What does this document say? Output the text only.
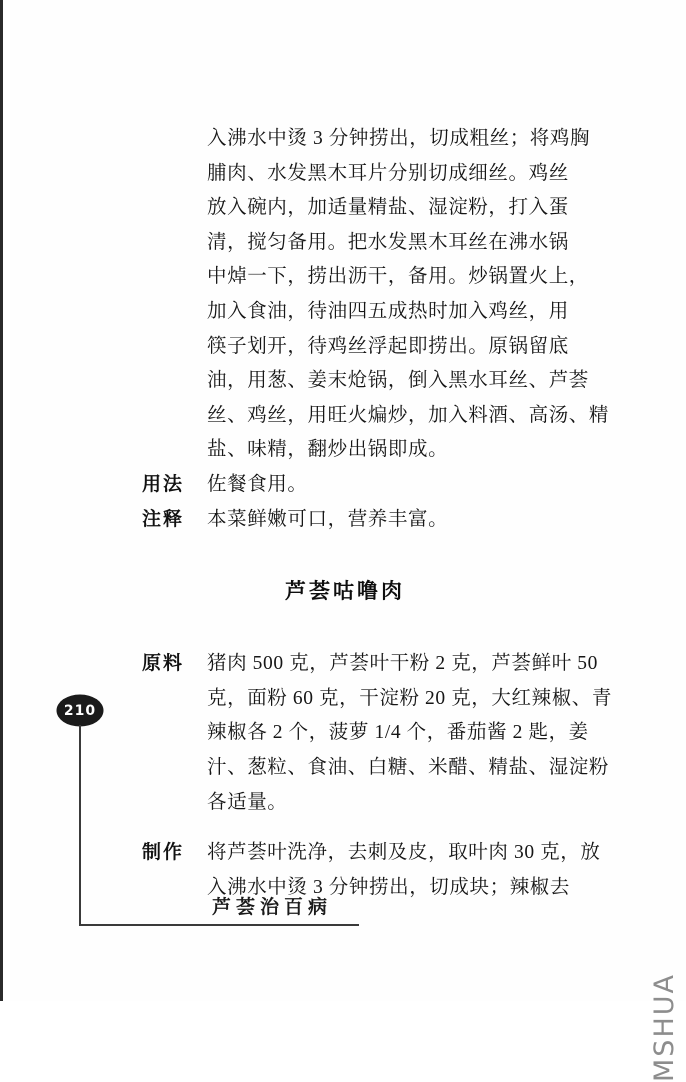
入沸水中烫 3 分钟捞出，切成粗丝；将鸡胸
脯肉、水发黑木耳片分别切成细丝。鸡丝
放入碗内，加适量精盐、湿淀粉，打入蛋
清，搅匀备用。把水发黑木耳丝在沸水锅
中焯一下，捞出沥干，备用。炒锅置火上，
加入食油，待油四五成热时加入鸡丝，用
筷子划开，待鸡丝浮起即捞出。原锅留底
油，用葱、姜末炝锅，倒入黑水耳丝、芦荟
丝、鸡丝，用旺火煸炒，加入料酒、高汤、精
盐、味精，翻炒出锅即成。
用法	佐餐食用。
注释	本菜鲜嫩可口，营养丰富。
芦荟咕噜肉
原料	猪肉 500 克，芦荟叶干粉 2 克，芦荟鲜叶 50
克，面粉 60 克，干淀粉 20 克，大红辣椒、青
辣椒各 2 个，菠萝 1/4 个，番茄酱 2 匙，姜
汁、葱粒、食油、白糖、米醋、精盐、湿淀粉
各适量。
制作	将芦荟叶洗净，去刺及皮，取叶肉 30 克，放
入沸水中烫 3 分钟捞出，切成块；辣椒去
210
芦荟治百病
MSHUA
